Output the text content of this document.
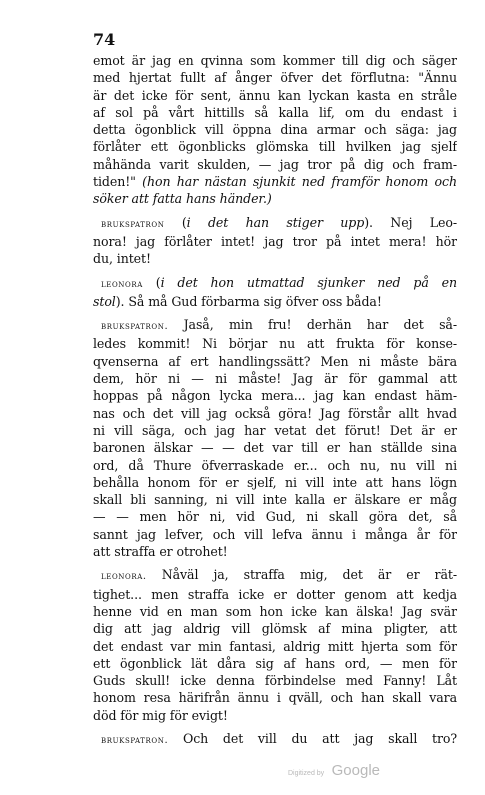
74
emot är jag en qvinna som kommer till dig och säger
med hjertat fullt af ånger öfver det förflutna: "Ännu
är det icke för sent, ännu kan lyckan kasta en stråle
af sol på vårt hittills så kalla lif, om du endast i
detta ögonblick vill öppna dina armar och säga: jag
förlåter ett ögonblicks glömska till hvilken jag sjelf
måhända varit skulden, — jag tror på dig och fram-
tiden!" (hon har nästan sjunkit ned framför honom och
söker att fatta hans händer.)
brukspatron (i det han stiger upp). Nej Leo-
nora! jag förlåter intet! jag tror på intet mera! hör
du, intet!
leonora (i det hon utmattad sjunker ned på en
stol). Så må Gud förbarma sig öfver oss båda!
brukspatron. Jaså, min fru! derhän har det så-
ledes kommit! Ni börjar nu att frukta för konse-
qvenserna af ert handlingssätt? Men ni måste bära
dem, hör ni — ni måste! Jag är för gammal att
hoppas på någon lycka mera... jag kan endast häm-
nas och det vill jag också göra! Jag förstår allt hvad
ni vill säga, och jag har vetat det förut! Det är er
baronen älskar — — det var till er han ställde sina
ord, då Thure öfverraskade er... och nu, nu vill ni
behålla honom för er sjelf, ni vill inte att hans lögn
skall bli sanning, ni vill inte kalla er älskare er måg
— — men hör ni, vid Gud, ni skall göra det, så
sannt jag lefver, och vill lefva ännu i många år för
att straffa er otrohet!
leonora. Nåväl ja, straffa mig, det är er rät-
tighet... men straffa icke er dotter genom att kedja
henne vid en man som hon icke kan älska! Jag svär
dig att jag aldrig vill glömsk af mina pligter, att
det endast var min fantasi, aldrig mitt hjerta som för
ett ögonblick lät dåra sig af hans ord, — men för
Guds skull! icke denna förbindelse med Fanny! Låt
honom resa härifrån ännu i qväll, och han skall vara
död för mig för evigt!
brukspatron. Och det vill du att jag skall tro?
Digitized by Google
